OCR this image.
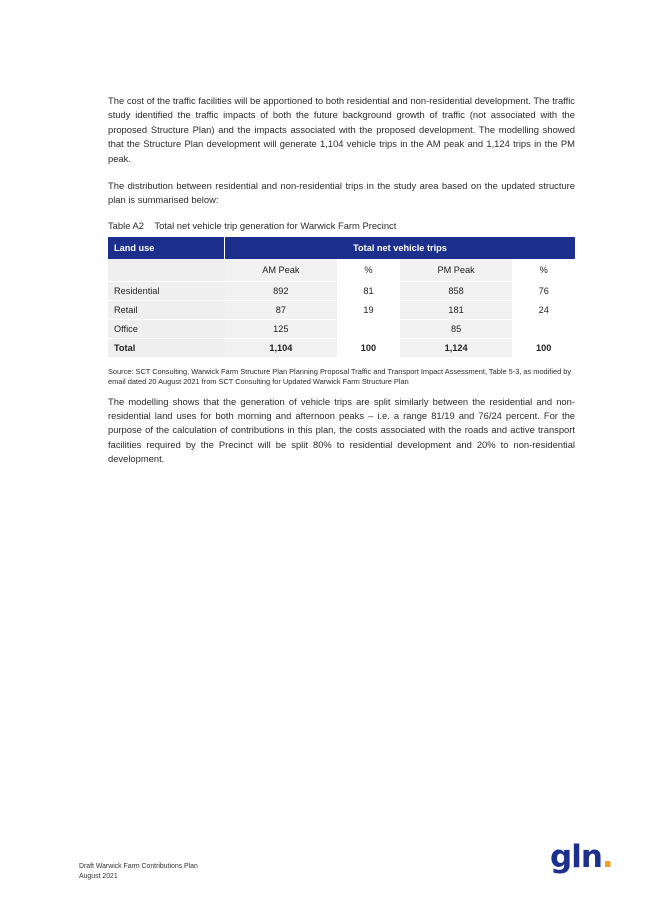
The cost of the traffic facilities will be apportioned to both residential and non-residential development. The traffic study identified the traffic impacts of both the future background growth of traffic (not associated with the proposed Structure Plan) and the impacts associated with the proposed development. The modelling showed that the Structure Plan development will generate 1,104 vehicle trips in the AM peak and 1,124 trips in the PM peak.

The distribution between residential and non-residential trips in the study area based on the updated structure plan is summarised below:

Table A2 Total net vehicle trip generation for Warwick Farm Precinct
Land use	Total net vehicle trips			
	AM Peak	%	PM Peak	%
Residential	892	81	858	76
Retail	87	19	181	24
Office	125		85	
Total	1,104	100	1,124	100
Source: SCT Consulting, Warwick Farm Structure Plan Planning Proposal Traffic and Transport Impact Assessment, Table 5-3, as modified by email dated 20 August 2021 from SCT Consulting for Updated Warwick Farm Structure Plan

The modelling shows that the generation of vehicle trips are split similarly between the residential and non-residential land uses for both morning and afternoon peaks – i.e. a range 81/19 and 76/24 percent. For the purpose of the calculation of contributions in this plan, the costs associated with the roads and active transport facilities required by the Precinct will be split 80% to residential development and 20% to non-residential development.

Draft Warwick Farm Contributions Plan
August 2021
gln.
